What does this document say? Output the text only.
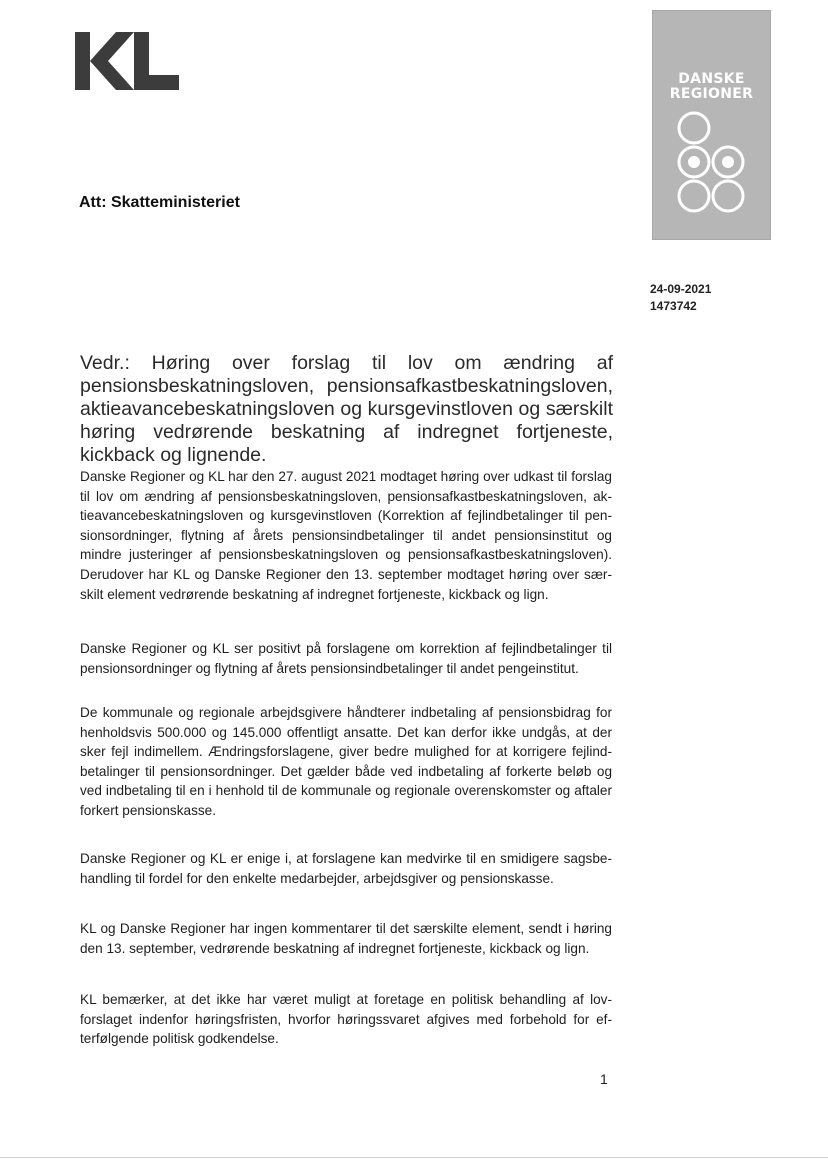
DANSKE
REGIONER
Att: Skatteministeriet
24-09-2021
1473742
Vedr.: Høring over forslag til lov om ændring af pensionsbeskatningsloven, pensionsafkastbeskatningsloven, aktieavancebeskatningsloven og kursgevinstloven og særskilt høring vedrørende beskatning af indregnet fortjeneste, kickback og lignende.

Danske Regioner og KL har den 27. august 2021 modtaget høring over udkast til forslag til lov om ændring af pensionsbeskatningsloven, pensionsafkastbeskatningsloven, aktieavancebeskatningsloven og kursgevinstloven (Korrektion af fejlindbetalinger til pensionsordninger, flytning af årets pensionsindbetalinger til andet pensionsinstitut og mindre justeringer af pensionsbeskatningsloven og pensionsafkastbeskatningsloven). Derudover har KL og Danske Regioner den 13. september modtaget høring over særskilt element vedrørende beskatning af indregnet fortjeneste, kickback og lign.

Danske Regioner og KL ser positivt på forslagene om korrektion af fejlindbetalinger til pensionsordninger og flytning af årets pensionsindbetalinger til andet pengeinstitut.

De kommunale og regionale arbejdsgivere håndterer indbetaling af pensionsbidrag for henholdsvis 500.000 og 145.000 offentligt ansatte. Det kan derfor ikke undgås, at der sker fejl indimellem. Ændringsforslagene, giver bedre mulighed for at korrigere fejlindbetalinger til pensionsordninger. Det gælder både ved indbetaling af forkerte beløb og ved indbetaling til en i henhold til de kommunale og regionale overenskomster og aftaler forkert pensionskasse.

Danske Regioner og KL er enige i, at forslagene kan medvirke til en smidigere sagsbehandling til fordel for den enkelte medarbejder, arbejdsgiver og pensionskasse.

KL og Danske Regioner har ingen kommentarer til det særskilte element, sendt i høring den 13. september, vedrørende beskatning af indregnet fortjeneste, kickback og lign.

KL bemærker, at det ikke har været muligt at foretage en politisk behandling af lovforslaget indenfor høringsfristen, hvorfor høringssvaret afgives med forbehold for efterfølgende politisk godkendelse.

1
